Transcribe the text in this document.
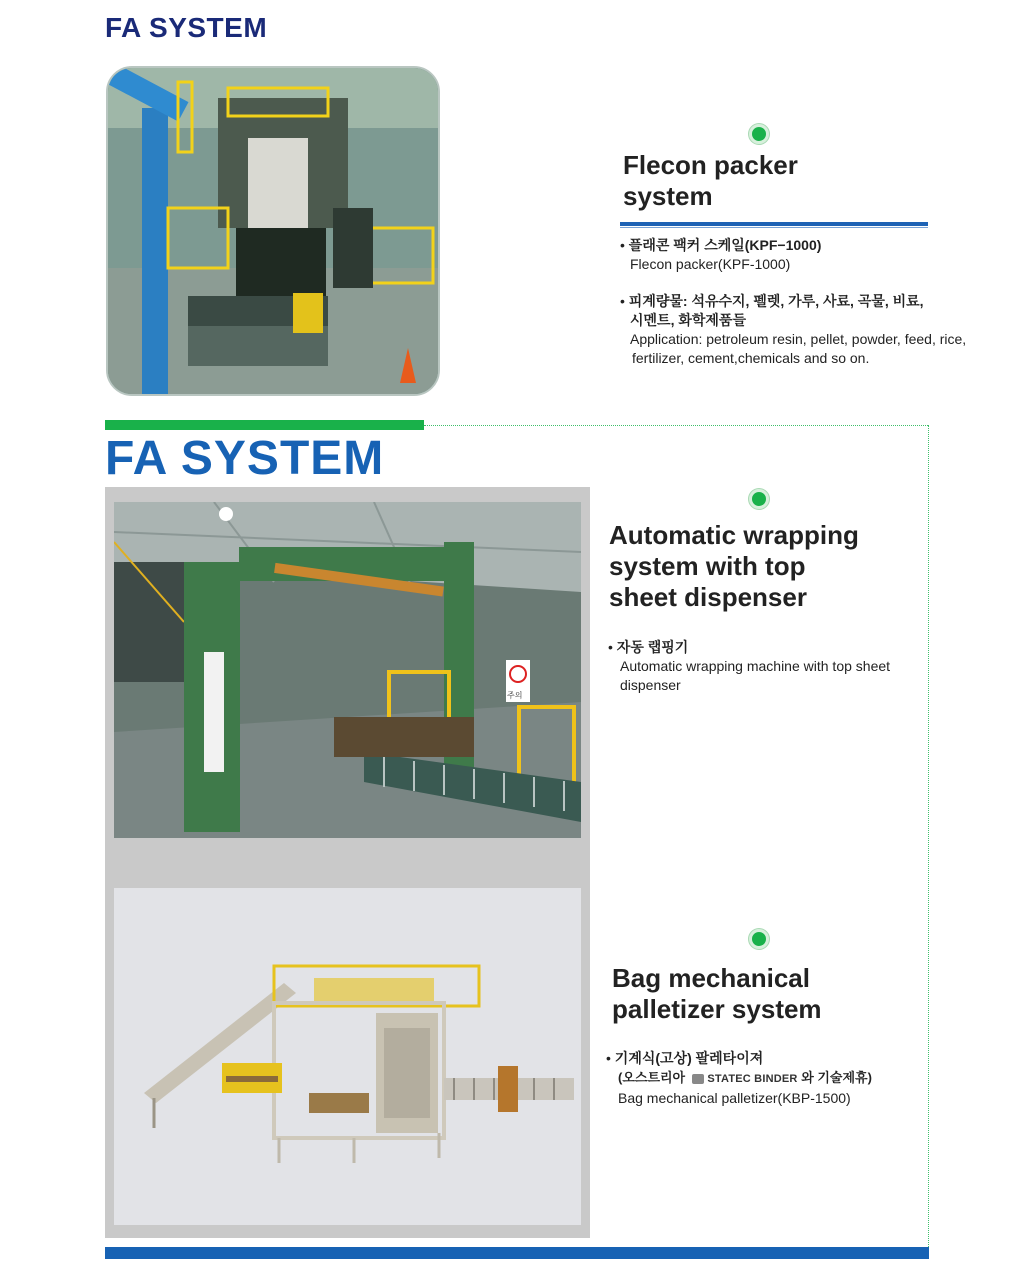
FA SYSTEM
Flecon packer
system
• 플래콘 팩커 스케일(KPF−1000)
Flecon packer(KPF-1000)
• 피계량물: 석유수지, 펠렛, 가루, 사료, 곡물, 비료,
시멘트, 화학제품들
Application: petroleum resin, pellet, powder, feed, rice,
fertilizer, cement,chemicals and so on.
FA SYSTEM
주의
Automatic wrapping
system with top
sheet dispenser
• 자동 랩핑기
Automatic wrapping machine with top sheet
dispenser
Bag mechanical
palletizer system
• 기계식(고상) 팔레타이져
(오스트리아 STATEC BINDER 와 기술제휴)
Bag mechanical palletizer(KBP-1500)
